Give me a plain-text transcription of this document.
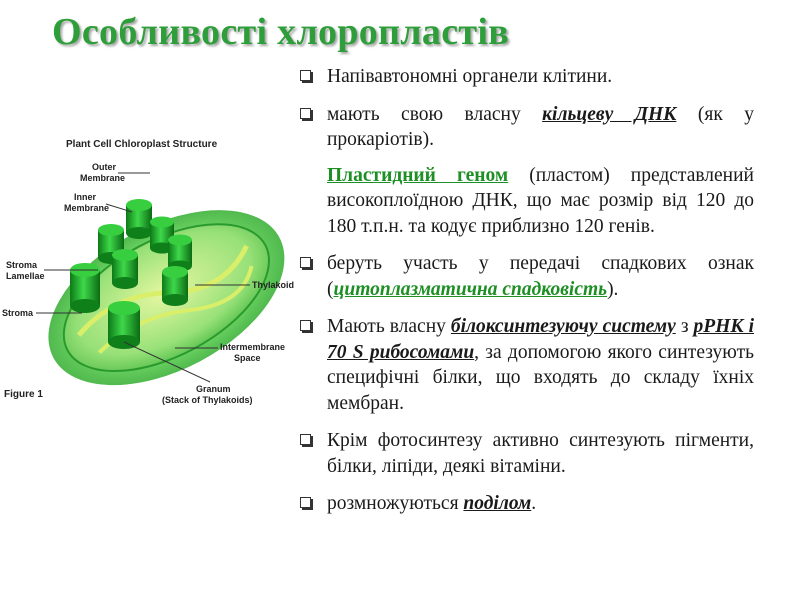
Особливості хлоропластів
Plant Cell Chloroplast Structure
Outer
Membrane
Inner
Membrane
Stroma
Lamellae
Stroma
Thylakoid
Intermembrane
Space
Granum
(Stack of Thylakoids)
Figure 1
Напівавтономні органели клітини.
мають свою власну кільцеву ДНК (як у прокаріотів).
Пластидний геном (пластом) представлений високоплоїдною ДНК, що має розмір від 120 до 180 т.п.н. та кодує приблизно 120 генів.
беруть участь у передачі спадкових ознак (цитоплазматична спадковість).
Мають власну білоксинтезуючу систему з рРНК і 70 S рибосомами, за допомогою якого синтезують специфічні білки, що входять до складу їхніх мембран.
Крім фотосинтезу активно синтезують пігменти, білки, ліпіди, деякі вітаміни.
розмножуються поділом.
